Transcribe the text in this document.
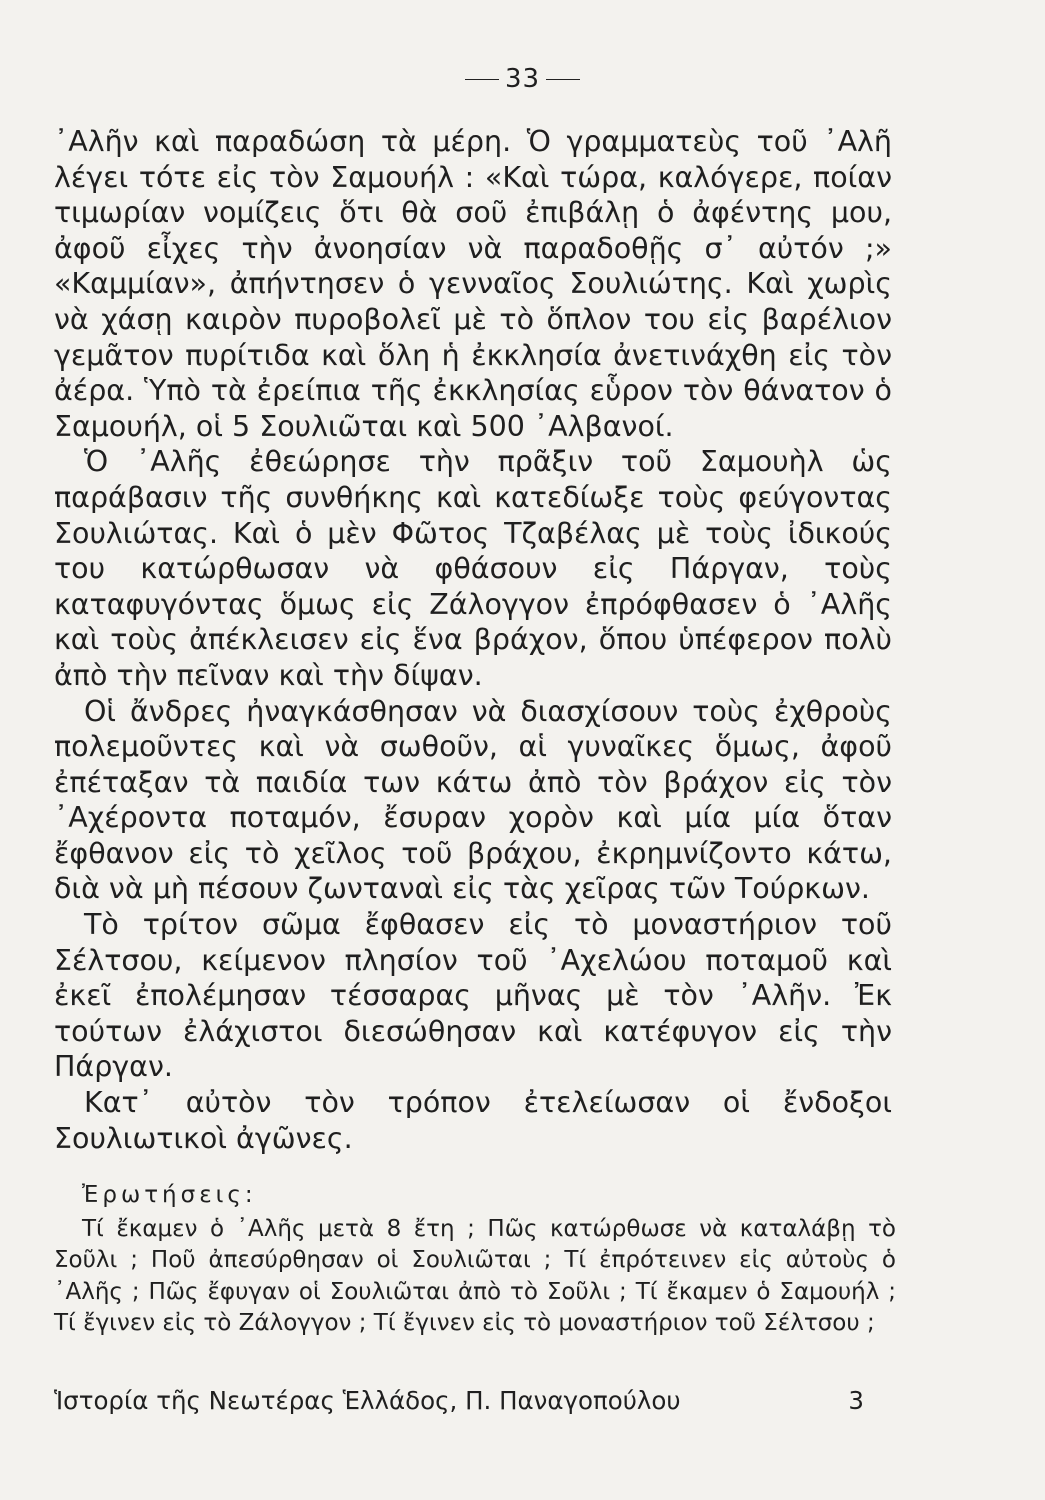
33

᾿Αλῆν καὶ παραδώση τὰ μέρη. Ὁ γραμματεὺς τοῦ ᾿Αλῆ λέγει τότε εἰς τὸν Σαμουήλ : «Καὶ τώρα, καλόγερε, ποίαν τιμωρίαν νομίζεις ὅτι θὰ σοῦ ἐπιβάλῃ ὁ ἀφέντης μου, ἀφοῦ εἶχες τὴν ἀνοησίαν νὰ παραδοθῇς σ᾿ αὐτόν ;» «Καμμίαν», ἀπήντησεν ὁ γενναῖος Σουλιώτης. Καὶ χωρὶς νὰ χάσῃ καιρὸν πυροβολεῖ μὲ τὸ ὅπλον του εἰς βαρέλιον γεμᾶτον πυρίτιδα καὶ ὅλη ἡ ἐκκλησία ἀνετινάχθη εἰς τὸν ἀέρα. Ὑπὸ τὰ ἐρείπια τῆς ἐκκλησίας εὗρον τὸν θάνατον ὁ Σαμουήλ, οἱ 5 Σουλιῶται καὶ 500 ᾿Αλβανοί.

Ὁ ᾿Αλῆς ἐθεώρησε τὴν πρᾶξιν τοῦ Σαμουὴλ ὡς παράβασιν τῆς συνθήκης καὶ κατεδίωξε τοὺς φεύγοντας Σουλιώτας. Καὶ ὁ μὲν Φῶτος Τζαβέλας μὲ τοὺς ἰδικούς του κατώρθωσαν νὰ φθάσουν εἰς Πάργαν, τοὺς καταφυγόντας ὅμως εἰς Ζάλογγον ἐπρόφθασεν ὁ ᾿Αλῆς καὶ τοὺς ἀπέκλεισεν εἰς ἕνα βράχον, ὅπου ὑπέφερον πολὺ ἀπὸ τὴν πεῖναν καὶ τὴν δίψαν.

Οἱ ἄνδρες ἠναγκάσθησαν νὰ διασχίσουν τοὺς ἐχθροὺς πολεμοῦντες καὶ νὰ σωθοῦν, αἱ γυναῖκες ὅμως, ἀφοῦ ἐπέταξαν τὰ παιδία των κάτω ἀπὸ τὸν βράχον εἰς τὸν ᾿Αχέροντα ποταμόν, ἔσυραν χορὸν καὶ μία μία ὅταν ἔφθανον εἰς τὸ χεῖλος τοῦ βράχου, ἐκρημνίζοντο κάτω, διὰ νὰ μὴ πέσουν ζωνταναὶ εἰς τὰς χεῖρας τῶν Τούρκων.

Τὸ τρίτον σῶμα ἔφθασεν εἰς τὸ μοναστήριον τοῦ Σέλτσου, κείμενον πλησίον τοῦ ᾿Αχελώου ποταμοῦ καὶ ἐκεῖ ἐπολέμησαν τέσσαρας μῆνας μὲ τὸν ᾿Αλῆν. Ἐκ τούτων ἐλάχιστοι διεσώθησαν καὶ κατέφυγον εἰς τὴν Πάργαν.

Κατ᾿ αὐτὸν τὸν τρόπον ἐτελείωσαν οἱ ἔνδοξοι Σουλιωτικοὶ ἀγῶνες.

Ἐρωτήσεις:

Τί ἔκαμεν ὁ ᾿Αλῆς μετὰ 8 ἔτη ; Πῶς κατώρθωσε νὰ καταλάβῃ τὸ Σοῦλι ; Ποῦ ἀπεσύρθησαν οἱ Σουλιῶται ; Τί ἐπρότεινεν εἰς αὐτοὺς ὁ ᾿Αλῆς ; Πῶς ἔφυγαν οἱ Σουλιῶται ἀπὸ τὸ Σοῦλι ; Τί ἔκαμεν ὁ Σαμουήλ ; Τί ἔγινεν εἰς τὸ Ζάλογγον ; Τί ἔγινεν εἰς τὸ μοναστήριον τοῦ Σέλτσου ;

Ἱστορία τῆς Νεωτέρας Ἑλλάδος, Π. Παναγοπούλου	3
